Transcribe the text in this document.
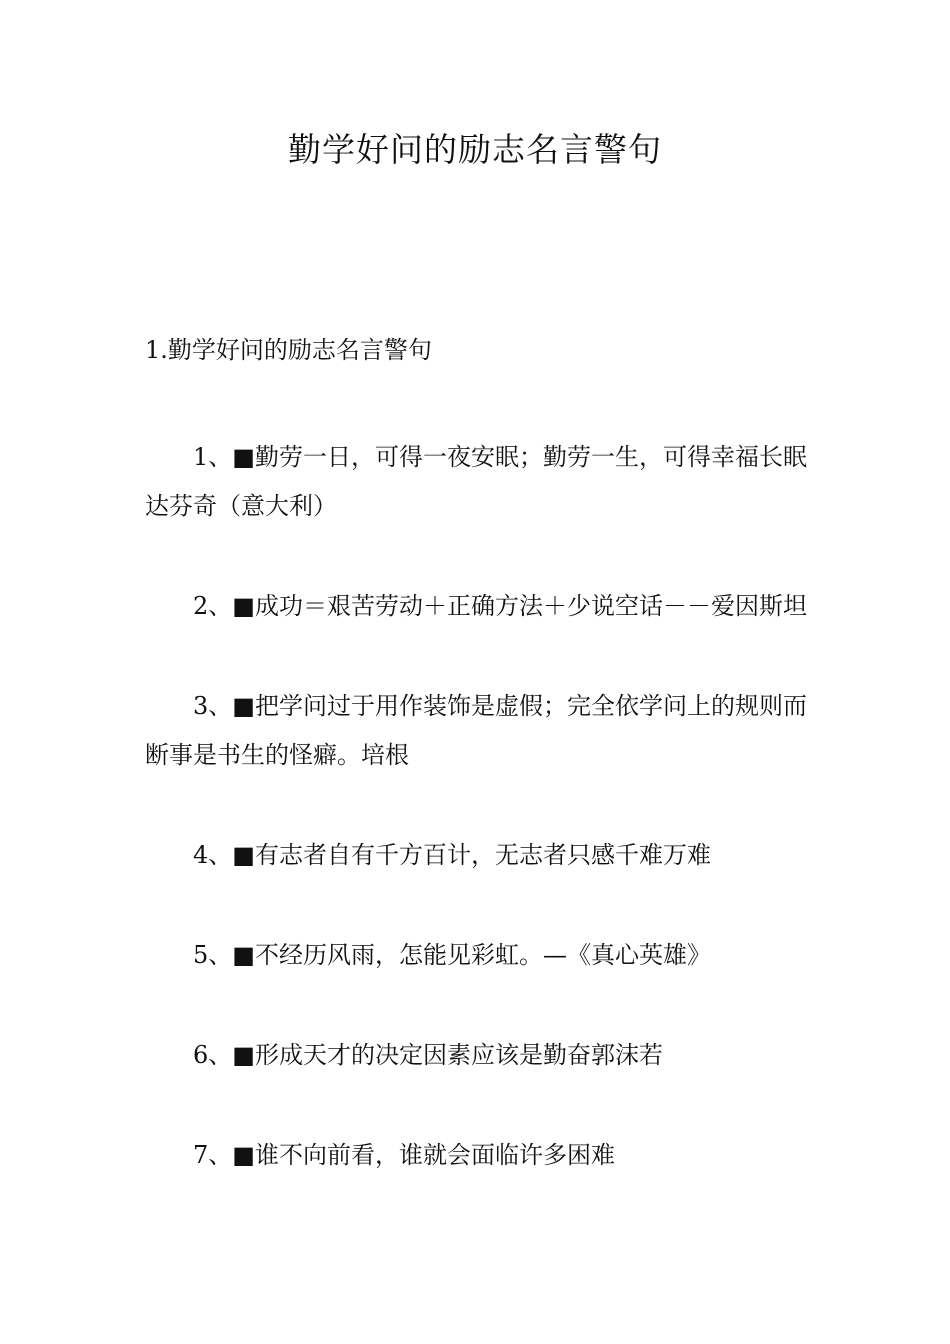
勤学好问的励志名言警句

1.勤学好问的励志名言警句

1、■勤劳一日，可得一夜安眠；勤劳一生，可得幸福长眠达芬奇（意大利）
2、■成功＝艰苦劳动＋正确方法＋少说空话－－爱因斯坦
3、■把学问过于用作装饰是虚假；完全依学问上的规则而断事是书生的怪癖。培根
4、■有志者自有千方百计，无志者只感千难万难
5、■不经历风雨，怎能见彩虹。—《真心英雄》
6、■形成天才的决定因素应该是勤奋郭沫若
7、■谁不向前看，谁就会面临许多困难
